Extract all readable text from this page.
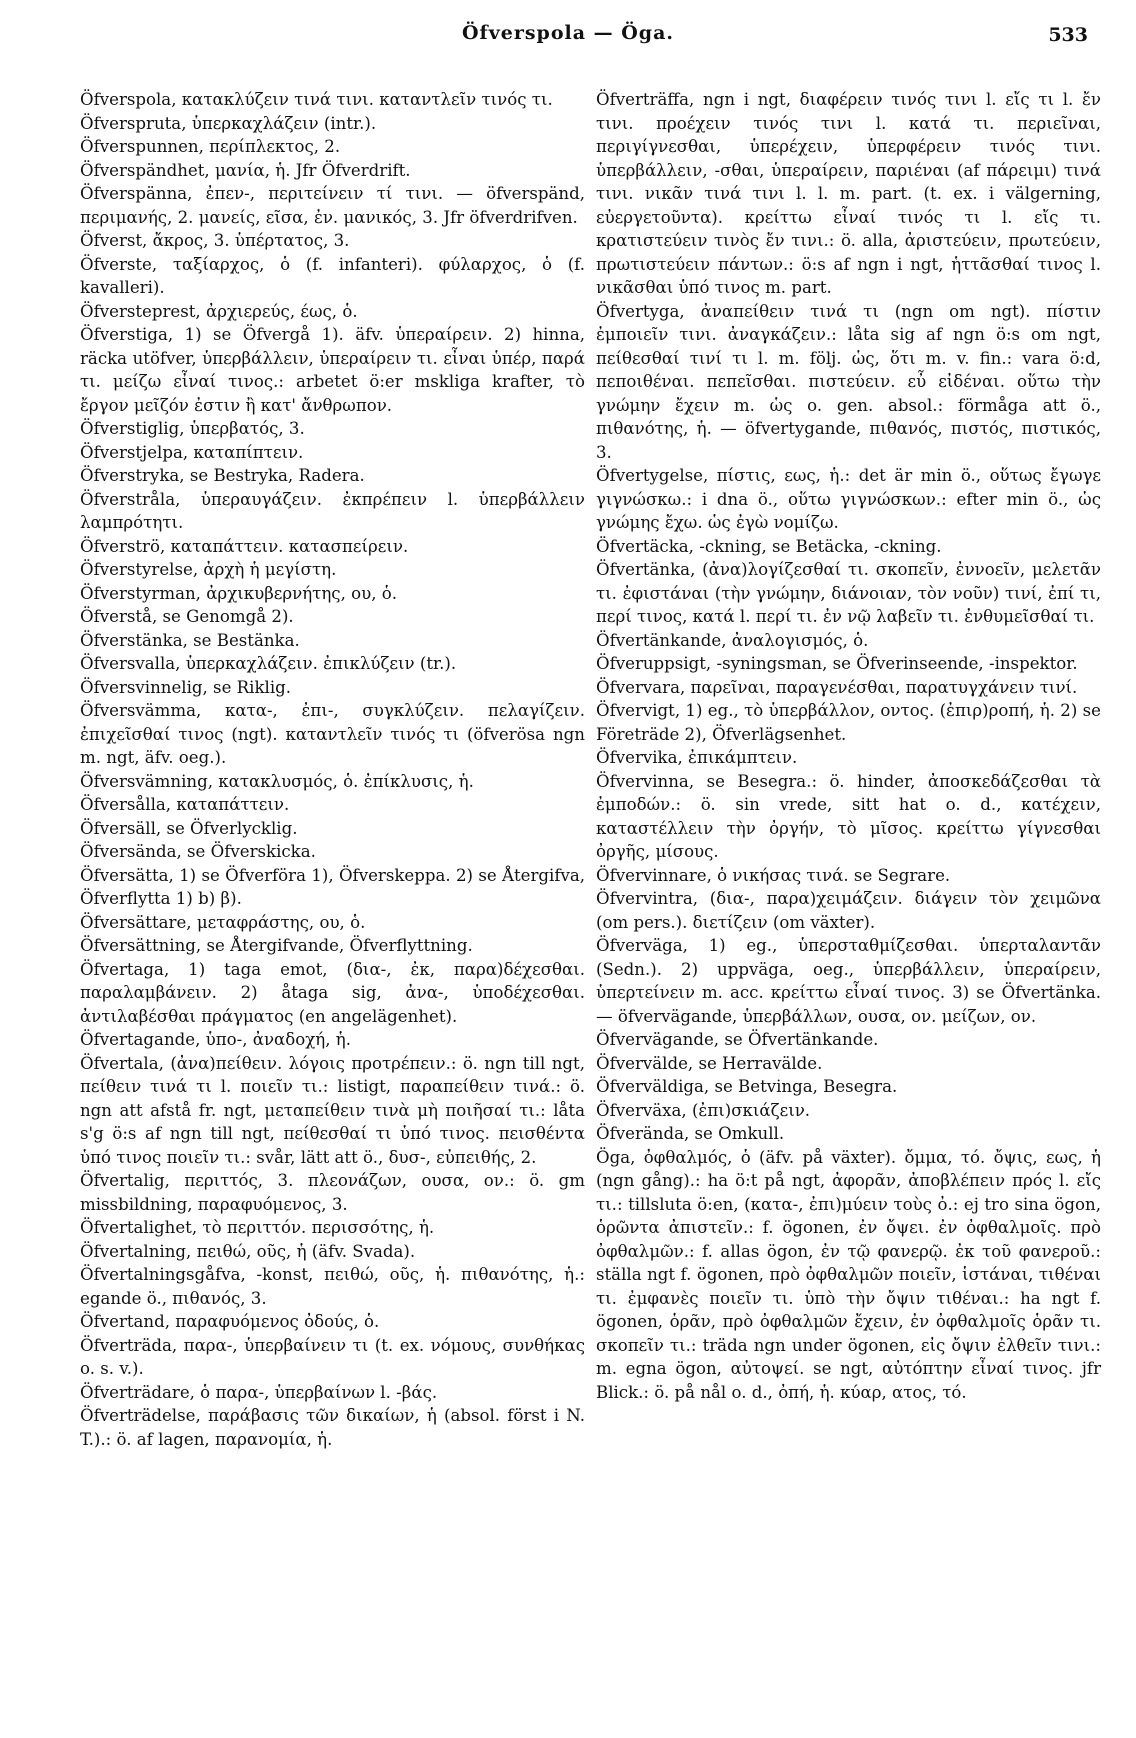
Öfverspola — Öga.	533
Öfverspola, κατακλύζειν τινά τινι. καταντλεῖν τινός τι.
Öfverspruta, ὑπερκαχλάζειν (intr.).
Öfverspunnen, περίπλεκτος, 2.
Öfverspändhet, μανία, ἡ. Jfr Öfverdrift.
Öfverspänna, ἐπεν-, περιτείνειν τί τινι. — öfverspänd, περιμανής, 2. μανείς, εῖσα, ἐν. μανικός, 3. Jfr öfverdrifven.
Öfverst, ἄκρος, 3. ὑπέρτατος, 3.
Öfverste, ταξίαρχος, ὁ (f. infanteri). φύλαρχος, ὁ (f. kavalleri).
Öfversteprest, ἀρχιερεύς, έως, ὁ.
Öfverstiga, 1) se Öfvergå 1). äfv. ὑπεραίρειν. 2) hinna, räcka utöfver, ὑπερβάλλειν, ὑπεραίρειν τι. εἶναι ὑπέρ, παρά τι. μείζω εἶναί τινος.: arbetet ö:er mskliga krafter, τὸ ἔργον μεῖζόν ἐστιν ἢ κατ' ἄνθρωπον.
Öfverstiglig, ὑπερβατός, 3.
Öfverstjelpa, καταπίπτειν.
Öfverstryka, se Bestryka, Radera.
Öfverstråla, ὑπεραυγάζειν. ἐκπρέπειν l. ὑπερβάλλειν λαμπρότητι.
Öfverströ, καταπάττειν. κατασπείρειν.
Öfverstyrelse, ἀρχὴ ἡ μεγίστη.
Öfverstyrman, ἀρχικυβερνήτης, ου, ὁ.
Öfverstå, se Genomgå 2).
Öfverstänka, se Bestänka.
Öfversvalla, ὑπερκαχλάζειν. ἐπικλύζειν (tr.).
Öfversvinnelig, se Riklig.
Öfversvämma, κατα-, ἐπι-, συγκλύζειν. πελαγίζειν. ἐπιχεῖσθαί τινος (ngt). καταντλεῖν τινός τι (öfverösa ngn m. ngt, äfv. oeg.).
Öfversvämning, κατακλυσμός, ὁ. ἐπίκλυσις, ἡ.
Öfversålla, καταπάττειν.
Öfversäll, se Öfverlycklig.
Öfversända, se Öfverskicka.
Öfversätta, 1) se Öfverföra 1), Öfverskeppa. 2) se Återgifva, Öfverflytta 1) b) β).
Öfversättare, μεταφράστης, ου, ὁ.
Öfversättning, se Återgifvande, Öfverflyttning.
Öfvertaga, 1) taga emot, (δια-, ἐκ, παρα)δέχεσθαι. παραλαμβάνειν. 2) åtaga sig, ἀνα-, ὑποδέχεσθαι. ἀντιλαβέσθαι πράγματος (en angelägenhet).
Öfvertagande, ὑπο-, ἀναδοχή, ἡ.
Öfvertala, (ἀνα)πείθειν. λόγοις προτρέπειν.: ö. ngn till ngt, πείθειν τινά τι l. ποιεῖν τι.: listigt, παραπείθειν τινά.: ö. ngn att afstå fr. ngt, μεταπείθειν τινὰ μὴ ποιῆσαί τι.: låta s'g ö:s af ngn till ngt, πείθεσθαί τι ὑπό τινος. πεισθέντα ὑπό τινος ποιεῖν τι.: svår, lätt att ö., δυσ-, εὐπειθής, 2.
Öfvertalig, περιττός, 3. πλεονάζων, ουσα, ον.: ö. gm missbildning, παραφυόμενος, 3.
Öfvertalighet, τὸ περιττόν. περισσότης, ἡ.
Öfvertalning, πειθώ, οῦς, ἡ (äfv. Svada).
Öfvertalningsgåfva, -konst, πειθώ, οῦς, ἡ. πιθανότης, ἡ.: egande ö., πιθανός, 3.
Öfvertand, παραφυόμενος ὀδούς, ὁ.
Öfverträda, παρα-, ὑπερβαίνειν τι (t. ex. νόμους, συνθήκας o. s. v.).
Öfverträdare, ὁ παρα-, ὑπερβαίνων l. -βάς.
Öfverträdelse, παράβασις τῶν δικαίων, ἡ (absol. först i N. T.).: ö. af lagen, παρανομία, ἡ.
Öfverträffa, ngn i ngt, διαφέρειν τινός τινι l. εἴς τι l. ἔν τινι. προέχειν τινός τινι l. κατά τι. περιεῖναι, περιγίγνεσθαι, ὑπερέχειν, ὑπερφέρειν τινός τινι. ὑπερβάλλειν, -σθαι, ὑπεραίρειν, παριέναι (af πάρειμι) τινά τινι. νικᾶν τινά τινι l. l. m. part. (t. ex. i välgerning, εὐεργετοῦντα). κρείττω εἶναί τινός τι l. εἴς τι. κρατιστεύειν τινὸς ἔν τινι.: ö. alla, ἀριστεύειν, πρωτεύειν, πρωτιστεύειν πάντων.: ö:s af ngn i ngt, ἡττᾶσθαί τινος l. νικᾶσθαι ὑπό τινος m. part.
Öfvertyga, ἀναπείθειν τινά τι (ngn om ngt). πίστιν ἐμποιεῖν τινι. ἀναγκάζειν.: låta sig af ngn ö:s om ngt, πείθεσθαί τινί τι l. m. följ. ὡς, ὅτι m. v. fin.: vara ö:d, πεποιθέναι. πεπεῖσθαι. πιστεύειν. εὖ εἰδέναι. οὕτω τὴν γνώμην ἔχειν m. ὡς o. gen. absol.: förmåga att ö., πιθανότης, ἡ. — öfvertygande, πιθανός, πιστός, πιστικός, 3.
Öfvertygelse, πίστις, εως, ἡ.: det är min ö., οὕτως ἔγωγε γιγνώσκω.: i dna ö., οὕτω γιγνώσκων.: efter min ö., ὡς γνώμης ἔχω. ὡς ἐγὼ νομίζω.
Öfvertäcka, -ckning, se Betäcka, -ckning.
Öfvertänka, (ἀνα)λογίζεσθαί τι. σκοπεῖν, ἐννοεῖν, μελετᾶν τι. ἐφιστάναι (τὴν γνώμην, διάνοιαν, τὸν νοῦν) τινί, ἐπί τι, περί τινος, κατά l. περί τι. ἐν νῷ λαβεῖν τι. ἐνθυμεῖσθαί τι.
Öfvertänkande, ἀναλογισμός, ὁ.
Öfveruppsigt, -syningsman, se Öfverinseende, -inspektor.
Öfvervara, παρεῖναι, παραγενέσθαι, παρατυγχάνειν τινί.
Öfvervigt, 1) eg., τὸ ὑπερβάλλον, οντος. (ἐπιρ)ροπή, ἡ. 2) se Företräde 2), Öfverlägsenhet.
Öfvervika, ἐπικάμπτειν.
Öfvervinna, se Besegra.: ö. hinder, ἀποσκεδάζεσθαι τὰ ἐμποδών.: ö. sin vrede, sitt hat o. d., κατέχειν, καταστέλλειν τὴν ὀργήν, τὸ μῖσος. κρείττω γίγνεσθαι ὀργῆς, μίσους.
Öfvervinnare, ὁ νικήσας τινά. se Segrare.
Öfvervintra, (δια-, παρα)χειμάζειν. διάγειν τὸν χειμῶνα (om pers.). διετίζειν (om växter).
Öfverväga, 1) eg., ὑπερσταθμίζεσθαι. ὑπερταλαντᾶν (Sedn.). 2) uppväga, oeg., ὑπερβάλλειν, ὑπεραίρειν, ὑπερτείνειν m. acc. κρείττω εἶναί τινος. 3) se Öfvertänka. — öfvervägande, ὑπερβάλλων, ουσα, ον. μείζων, ον.
Öfvervägande, se Öfvertänkande.
Öfvervälde, se Herravälde.
Öfverväldiga, se Betvinga, Besegra.
Öfverväxa, (ἐπι)σκιάζειν.
Öfverända, se Omkull.
Öga, ὀφθαλμός, ὁ (äfv. på växter). ὄμμα, τό. ὄψις, εως, ἡ (ngn gång).: ha ö:t på ngt, ἀφορᾶν, ἀποβλέπειν πρός l. εἴς τι.: tillsluta ö:en, (κατα-, ἐπι)μύειν τοὺς ὀ.: ej tro sina ögon, ὁρῶντα ἀπιστεῖν.: f. ögonen, ἐν ὄψει. ἐν ὀφθαλμοῖς. πρὸ ὀφθαλμῶν.: f. allas ögon, ἐν τῷ φανερῷ. ἐκ τοῦ φανεροῦ.: ställa ngt f. ögonen, πρὸ ὀφθαλμῶν ποιεῖν, ἱστάναι, τιθέναι τι. ἐμφανὲς ποιεῖν τι. ὑπὸ τὴν ὄψιν τιθέναι.: ha ngt f. ögonen, ὁρᾶν, πρὸ ὀφθαλμῶν ἔχειν, ἐν ὀφθαλμοῖς ὁρᾶν τι. σκοπεῖν τι.: träda ngn under ögonen, εἰς ὄψιν ἐλθεῖν τινι.: m. egna ögon, αὐτοψεί. se ngt, αὐτόπτην εἶναί τινος. jfr Blick.: ö. på nål o. d., ὀπή, ἡ. κύαρ, ατος, τό.
